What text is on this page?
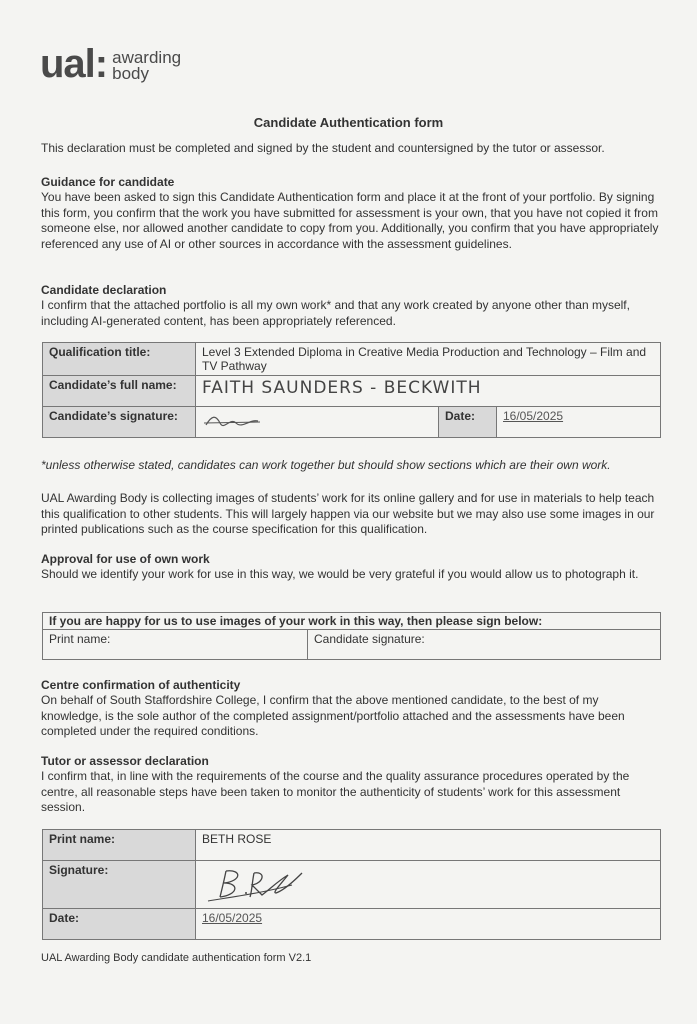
ual: awarding
body
Candidate Authentication form
This declaration must be completed and signed by the student and countersigned by the tutor or assessor.
Guidance for candidate
You have been asked to sign this Candidate Authentication form and place it at the front of your portfolio. By signing this form, you confirm that the work you have submitted for assessment is your own, that you have not copied it from someone else, nor allowed another candidate to copy from you. Additionally, you confirm that you have appropriately referenced any use of AI or other sources in accordance with the assessment guidelines.
Candidate declaration
I confirm that the attached portfolio is all my own work* and that any work created by anyone other than myself, including AI-generated content, has been appropriately referenced.
Qualification title:	Level 3 Extended Diploma in Creative Media Production and Technology – Film and TV Pathway		
Candidate’s full name:	FAITH SAUNDERS - BECKWITH		
Candidate’s signature:		Date:	16/05/2025
*unless otherwise stated, candidates can work together but should show sections which are their own work.
UAL Awarding Body is collecting images of students’ work for its online gallery and for use in materials to help teach this qualification to other students. This will largely happen via our website but we may also use some images in our printed publications such as the course specification for this qualification.
Approval for use of own work
Should we identify your work for use in this way, we would be very grateful if you would allow us to photograph it.
If you are happy for us to use images of your work in this way, then please sign below:
Print name:	Candidate signature:
Centre confirmation of authenticity
On behalf of South Staffordshire College, I confirm that the above mentioned candidate, to the best of my knowledge, is the sole author of the completed assignment/portfolio attached and the assessments have been completed under the required conditions.
Tutor or assessor declaration
I confirm that, in line with the requirements of the course and the quality assurance procedures operated by the centre, all reasonable steps have been taken to monitor the authenticity of students’ work for this assessment session.
Print name:	BETH ROSE
Signature:	

Date:	16/05/2025
UAL Awarding Body candidate authentication form V2.1
